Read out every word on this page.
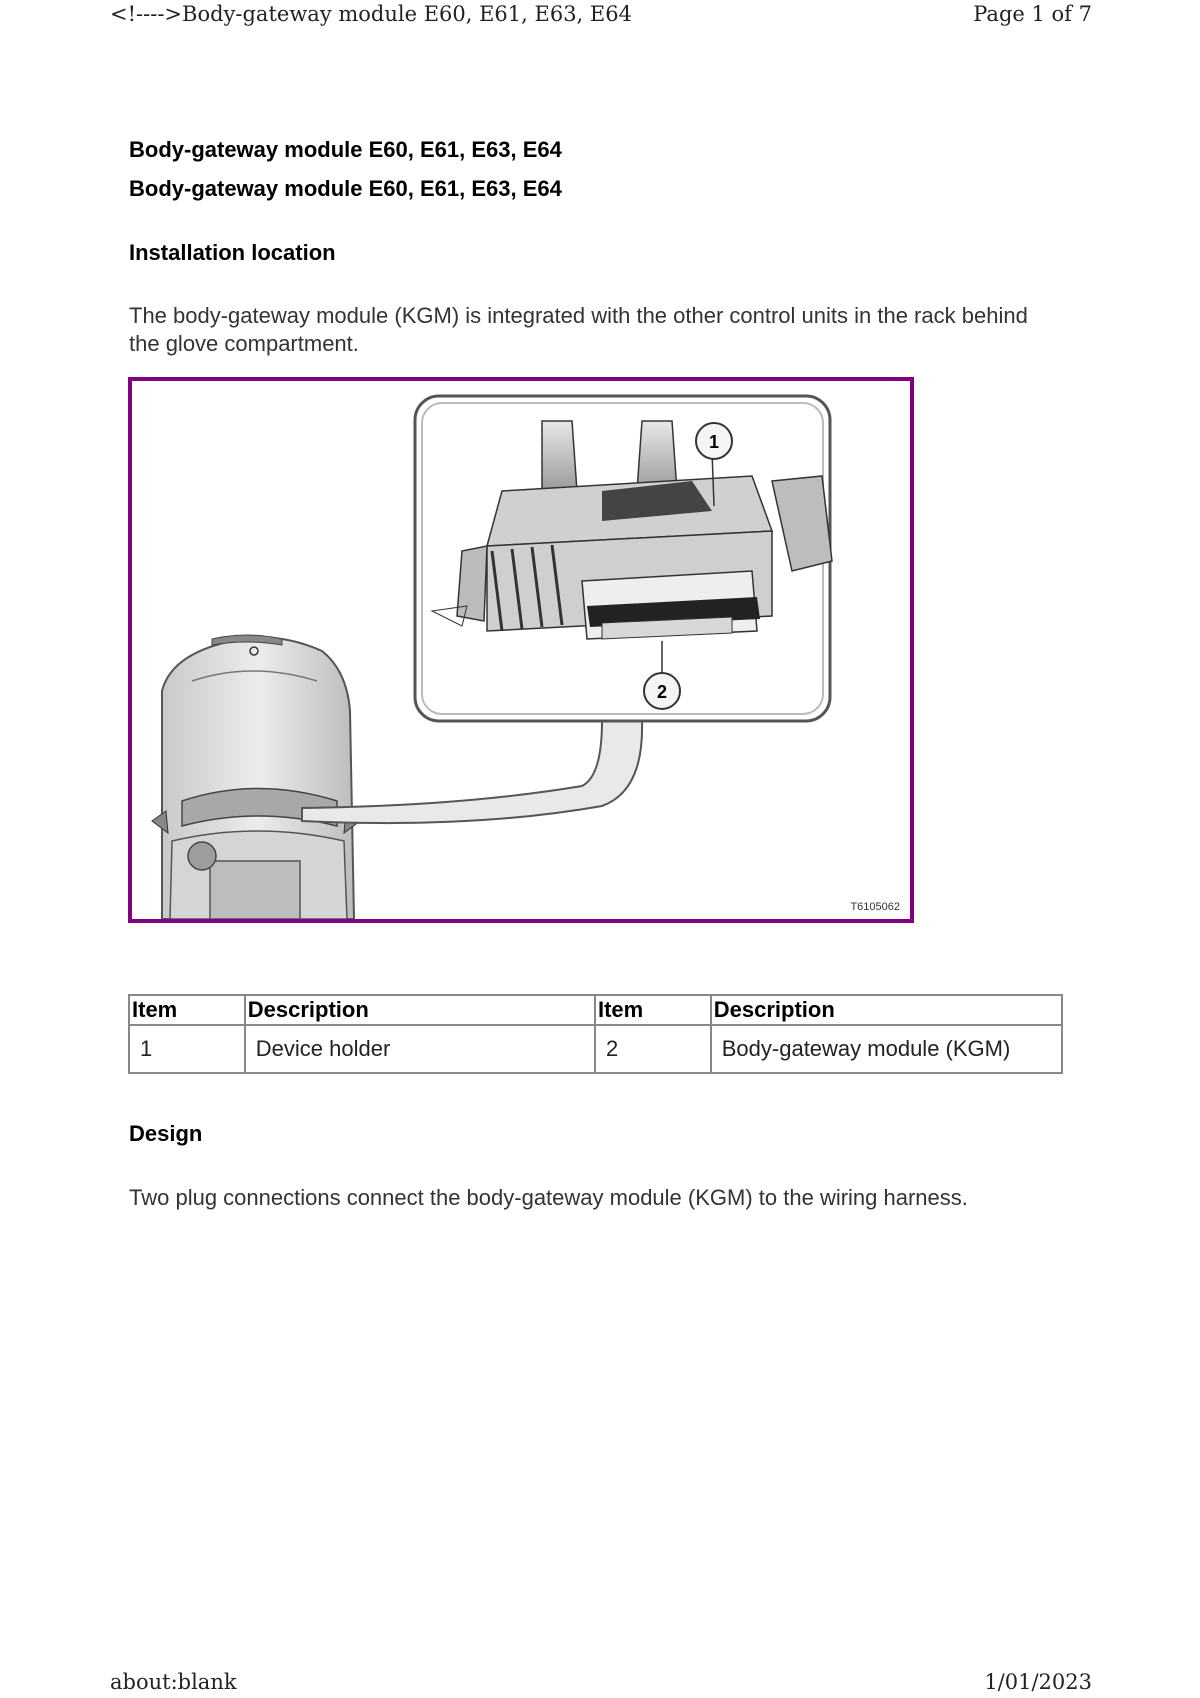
<!---->Body-gateway module E60, E61, E63, E64	Page 1 of 7

Body-gateway module E60, E61, E63, E64

Body-gateway module E60, E61, E63, E64

Installation location

The body-gateway module (KGM) is integrated with the other control units in the rack behind the glove compartment.

1
2
T6105062
Item	Description	Item	Description
1	Device holder	2	Body-gateway module (KGM)

Design

Two plug connections connect the body-gateway module (KGM) to the wiring harness.

about:blank	1/01/2023
